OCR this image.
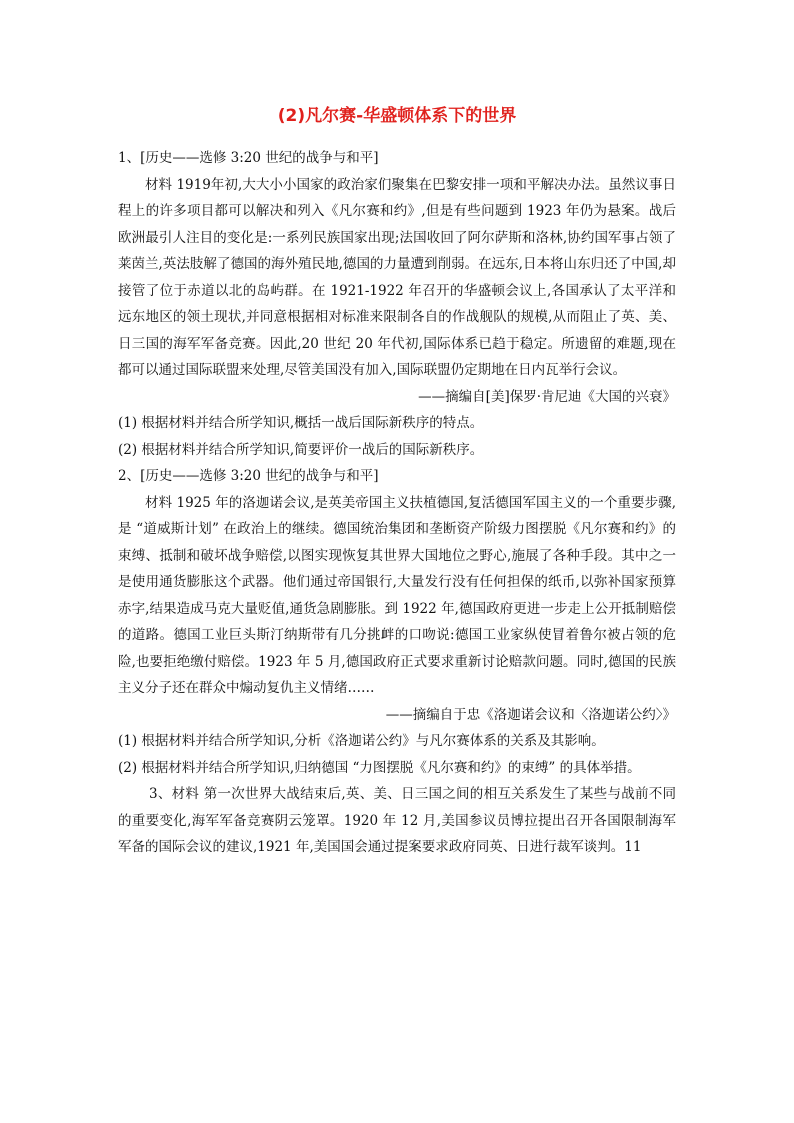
(2)凡尔赛-华盛顿体系下的世界

1、[历史——选修 3:20 世纪的战争与和平]

材料 1919年初,大大小小国家的政治家们聚集在巴黎安排一项和平解决办法。虽然议事日程上的许多项目都可以解决和列入《凡尔赛和约》,但是有些问题到 1923 年仍为悬案。战后欧洲最引人注目的变化是:一系列民族国家出现;法国收回了阿尔萨斯和洛林,协约国军事占领了莱茵兰,英法肢解了德国的海外殖民地,德国的力量遭到削弱。在远东,日本将山东归还了中国,却接管了位于赤道以北的岛屿群。在 1921-1922 年召开的华盛顿会议上,各国承认了太平洋和远东地区的领土现状,并同意根据相对标准来限制各自的作战舰队的规模,从而阻止了英、美、日三国的海军军备竞赛。因此,20 世纪 20 年代初,国际体系已趋于稳定。所遗留的难题,现在都可以通过国际联盟来处理,尽管美国没有加入,国际联盟仍定期地在日内瓦举行会议。

——摘编自[美]保罗·肯尼迪《大国的兴衰》

(1) 根据材料并结合所学知识,概括一战后国际新秩序的特点。

(2) 根据材料并结合所学知识,简要评价一战后的国际新秩序。

2、[历史——选修 3:20 世纪的战争与和平]

材料 1925 年的洛迦诺会议,是英美帝国主义扶植德国,复活德国军国主义的一个重要步骤,是 “道威斯计划” 在政治上的继续。德国统治集团和垄断资产阶级力图摆脱《凡尔赛和约》的束缚、抵制和破坏战争赔偿,以图实现恢复其世界大国地位之野心,施展了各种手段。其中之一是使用通货膨胀这个武器。他们通过帝国银行,大量发行没有任何担保的纸币,以弥补国家预算赤字,结果造成马克大量贬值,通货急剧膨胀。到 1922 年,德国政府更进一步走上公开抵制赔偿的道路。德国工业巨头斯汀纳斯带有几分挑衅的口吻说:德国工业家纵使冒着鲁尔被占领的危险,也要拒绝缴付赔偿。1923 年 5 月,德国政府正式要求重新讨论赔款问题。同时,德国的民族主义分子还在群众中煽动复仇主义情绪……

——摘编自于忠《洛迦诺会议和〈洛迦诺公约〉》

(1) 根据材料并结合所学知识,分析《洛迦诺公约》与凡尔赛体系的关系及其影响。

(2) 根据材料并结合所学知识,归纳德国 “力图摆脱《凡尔赛和约》的束缚” 的具体举措。

3、材料 第一次世界大战结束后,英、美、日三国之间的相互关系发生了某些与战前不同的重要变化,海军军备竞赛阴云笼罩。1920 年 12 月,美国参议员博拉提出召开各国限制海军军备的国际会议的建议,1921 年,美国国会通过提案要求政府同英、日进行裁军谈判。11
